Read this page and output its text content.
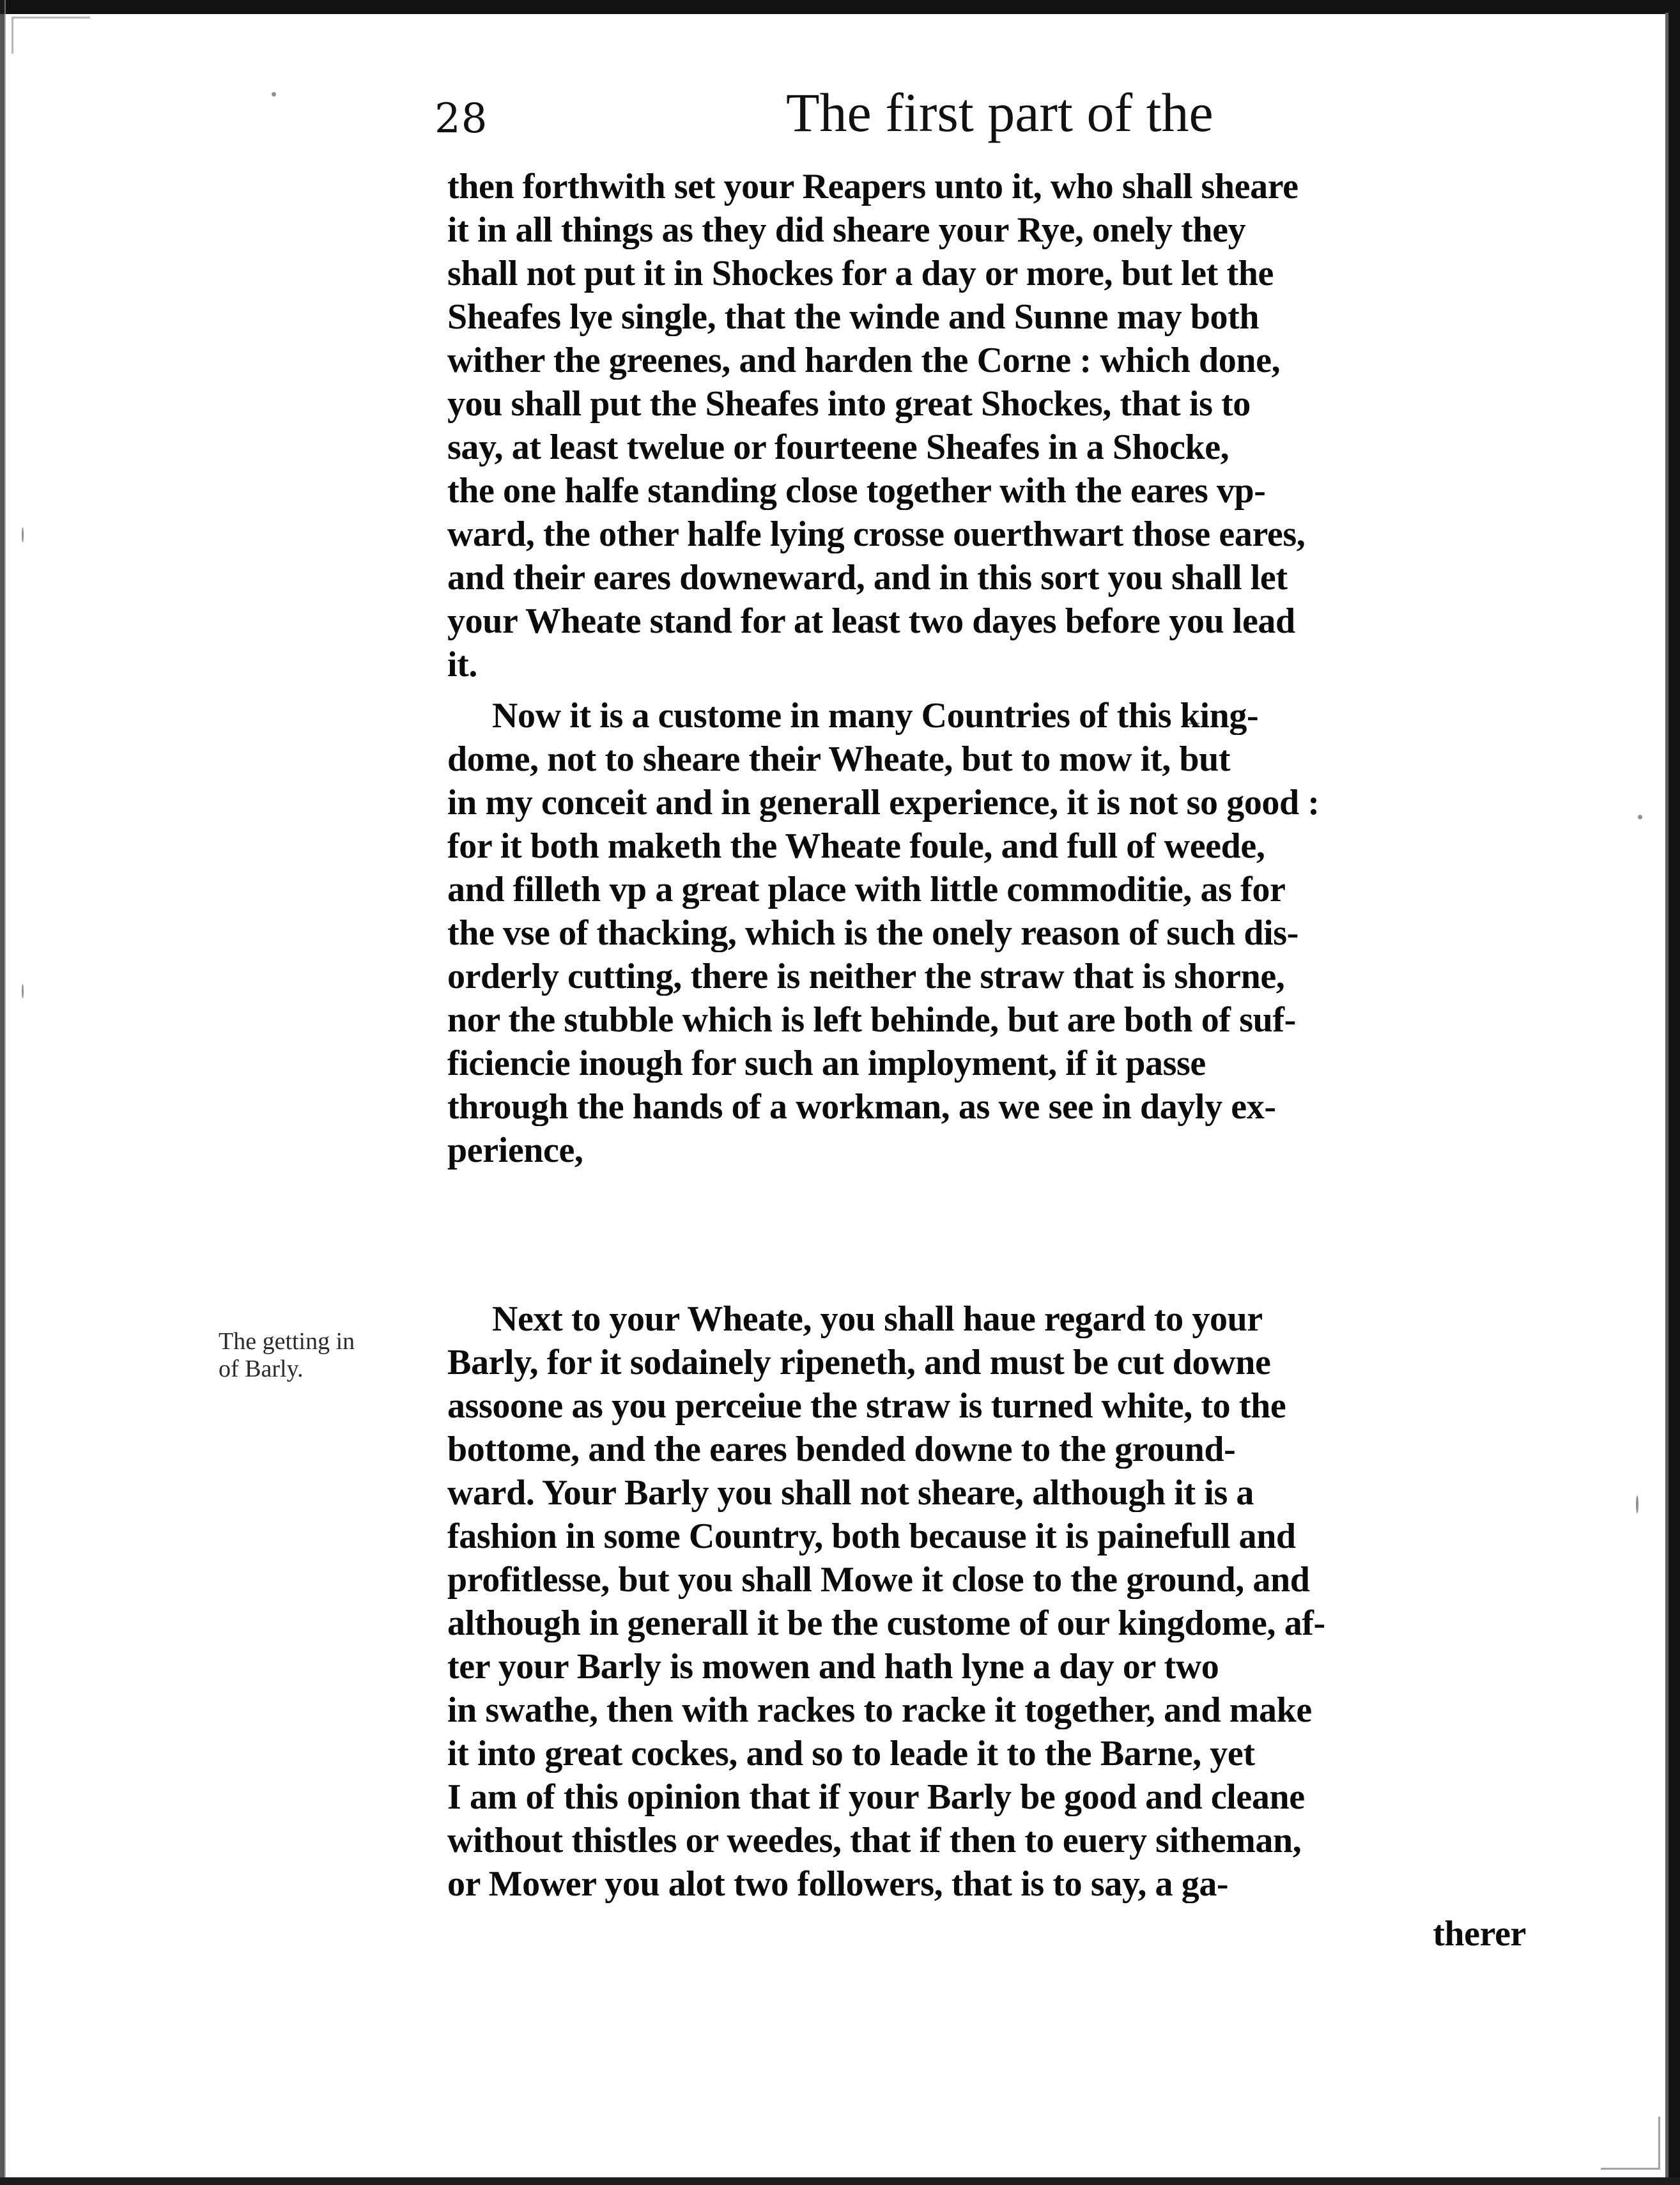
28	The first part of the
The getting in
of Barly.
then forthwith set your Reapers unto it, who shall sheare
it in all things as they did sheare your Rye, onely they
shall not put it in Shockes for a day or more, but let the
Sheafes lye single, that the winde and Sunne may both
wither the greenes, and harden the Corne : which done,
you shall put the Sheafes into great Shockes, that is to
say, at least twelue or fourteene Sheafes in a Shocke,
the one halfe standing close together with the eares vp-
ward, the other halfe lying crosse ouerthwart those eares,
and their eares downeward, and in this sort you shall let
your Wheate stand for at least two dayes before you lead
it.
Now it is a custome in many Countries of this king-
dome, not to sheare their Wheate, but to mow it, but
in my conceit and in generall experience, it is not so good :
for it both maketh the Wheate foule, and full of weede,
and filleth vp a great place with little commoditie, as for
the vse of thacking, which is the onely reason of such dis-
orderly cutting, there is neither the straw that is shorne,
nor the stubble which is left behinde, but are both of suf-
ficiencie inough for such an imployment, if it passe
through the hands of a workman, as we see in dayly ex-
perience,
Next to your Wheate, you shall haue regard to your
Barly, for it sodainely ripeneth, and must be cut downe
assoone as you perceiue the straw is turned white, to the
bottome, and the eares bended downe to the ground-
ward. Your Barly you shall not sheare, although it is a
fashion in some Country, both because it is painefull and
profitlesse, but you shall Mowe it close to the ground, and
although in generall it be the custome of our kingdome, af-
ter your Barly is mowen and hath lyne a day or two
in swathe, then with rackes to racke it together, and make
it into great cockes, and so to leade it to the Barne, yet
I am of this opinion that if your Barly be good and cleane
without thistles or weedes, that if then to euery sitheman,
or Mower you alot two followers, that is to say, a ga-
therer
